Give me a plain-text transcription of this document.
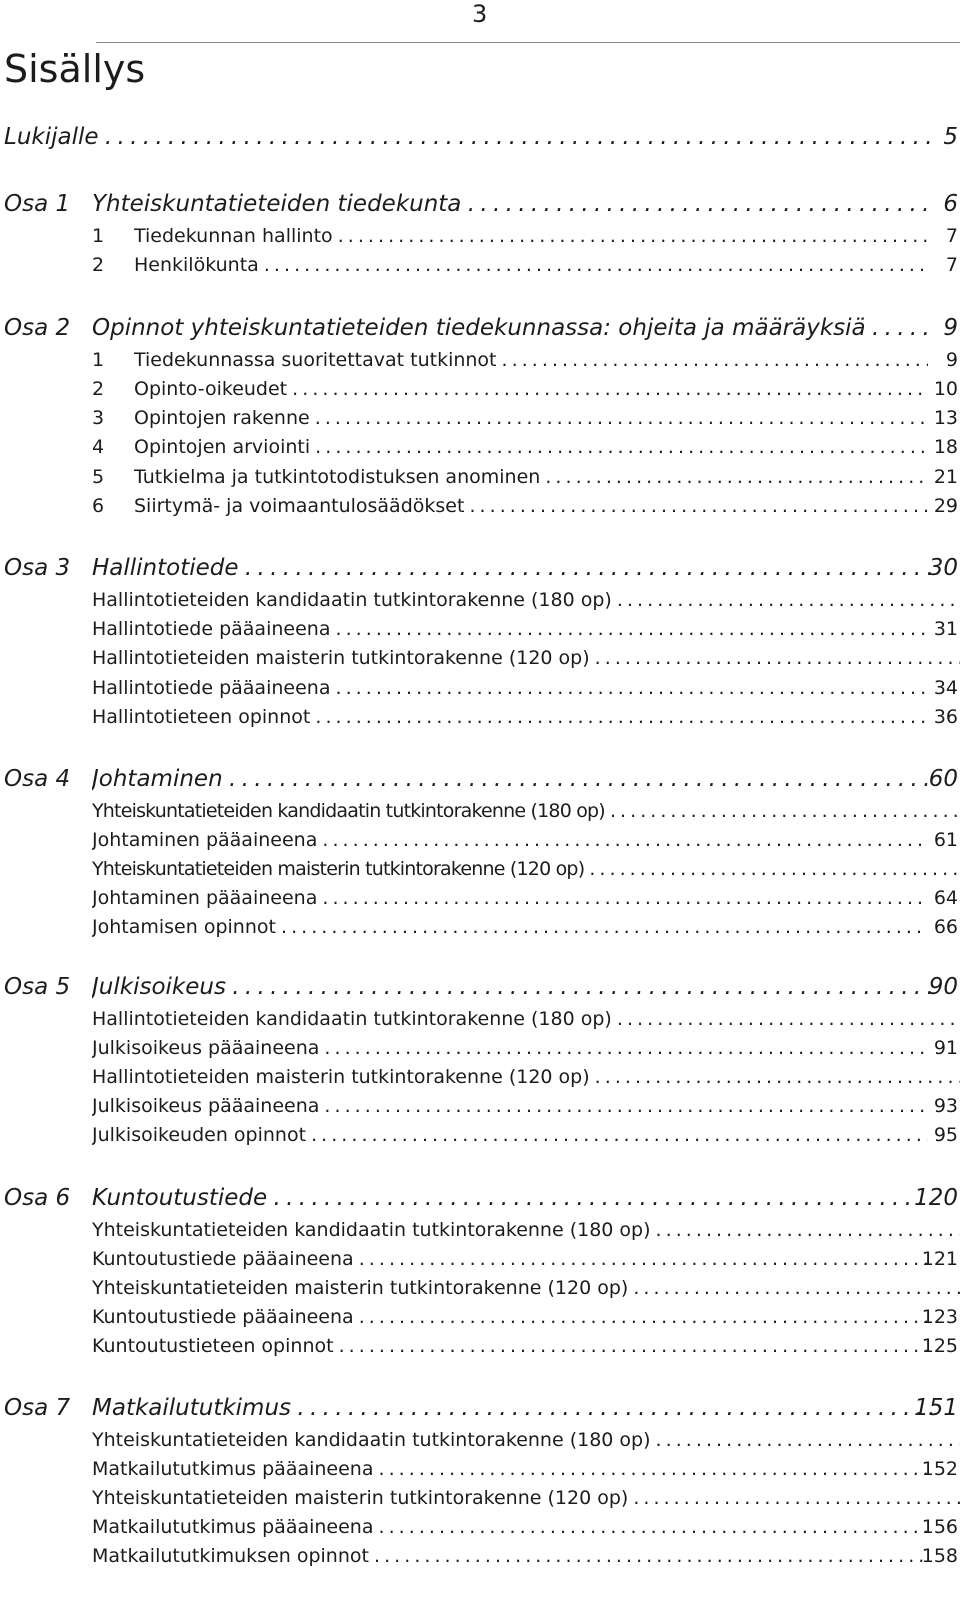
3
Sisällys
Lukijalle . . .	5
Osa 1 Yhteiskuntatieteiden tiedekunta . . .	6
1	Tiedekunnan hallinto . . .	7
2	Henkilökunta . . .	7
Osa 2 Opinnot yhteiskuntatieteiden tiedekunnassa: ohjeita ja määräyksiä . . .	9
1	Tiedekunnassa suoritettavat tutkinnot . . .	9
2	Opinto-oikeudet . . .	10
3	Opintojen rakenne . . .	13
4	Opintojen arviointi . . .	18
5	Tutkielma ja tutkintotodistuksen anominen . . .	21
6	Siirtymä- ja voimaantulosäädökset . . .	29
Osa 3 Hallintotiede . . .	30
Hallintotieteiden kandidaatin tutkintorakenne (180 op) . . .
Hallintotiede pääaineena . . .	31
Hallintotieteiden maisterin tutkintorakenne (120 op) . . .
Hallintotiede pääaineena . . .	34
Hallintotieteen opinnot . . .	36
Osa 4 Johtaminen . . .	60
Yhteiskuntatieteiden kandidaatin tutkintorakenne (180 op) . . .
Johtaminen pääaineena . . .	61
Yhteiskuntatieteiden maisterin tutkintorakenne (120 op) . . .
Johtaminen pääaineena . . .	64
Johtamisen opinnot . . .	66
Osa 5 Julkisoikeus . . .	90
Hallintotieteiden kandidaatin tutkintorakenne (180 op) . . .
Julkisoikeus pääaineena . . .	91
Hallintotieteiden maisterin tutkintorakenne (120 op) . . .
Julkisoikeus pääaineena . . .	93
Julkisoikeuden opinnot . . .	95
Osa 6 Kuntoutustiede . . .	120
Yhteiskuntatieteiden kandidaatin tutkintorakenne (180 op) . . .
Kuntoutustiede pääaineena . . .	121
Yhteiskuntatieteiden maisterin tutkintorakenne (120 op) . . .
Kuntoutustiede pääaineena . . .	123
Kuntoutustieteen opinnot . . .	125
Osa 7 Matkailututkimus . . .	151
Yhteiskuntatieteiden kandidaatin tutkintorakenne (180 op) . . .
Matkailututkimus pääaineena . . .	152
Yhteiskuntatieteiden maisterin tutkintorakenne (120 op) . . .
Matkailututkimus pääaineena . . .	156
Matkailututkimuksen opinnot . . .	158
